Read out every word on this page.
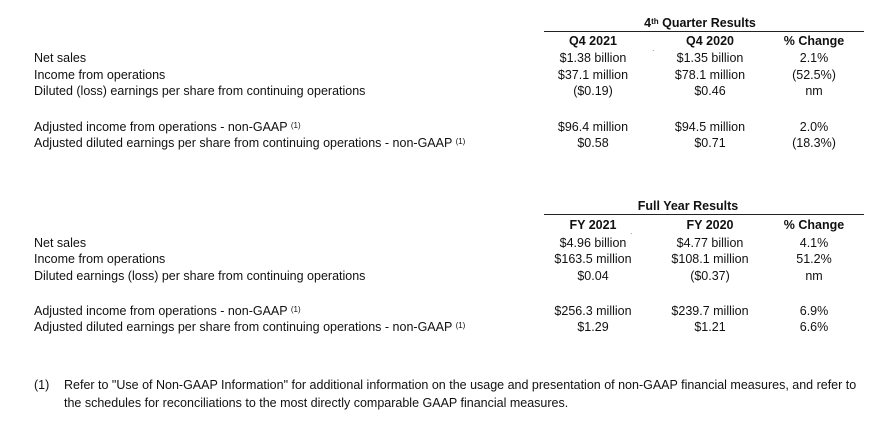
4th Quarter Results
Q4 2021	Q4 2020	% Change
.
Net sales	$1.38 billion	$1.35 billion	2.1%
Income from operations	$37.1 million	$78.1 million	(52.5%)
Diluted (loss) earnings per share from continuing operations	($0.19)	$0.46	nm
Adjusted income from operations - non-GAAP $^{(1)}$	$96.4 million	$94.5 million	2.0%
Adjusted diluted earnings per share from continuing operations - non-GAAP $^{(1)}$	$0.58	$0.71	(18.3%)
Full Year Results
FY 2021	FY 2020	% Change
.
Net sales	$4.96 billion	$4.77 billion	4.1%
Income from operations	$163.5 million	$108.1 million	51.2%
Diluted earnings (loss) per share from continuing operations	$0.04	($0.37)	nm
Adjusted income from operations - non-GAAP $^{(1)}$	$256.3 million	$239.7 million	6.9%
Adjusted diluted earnings per share from continuing operations - non-GAAP $^{(1)}$	$1.29	$1.21	6.6%
(1) Refer to "Use of Non-GAAP Information" for additional information on the usage and presentation of non-GAAP financial measures, and refer to the schedules for reconciliations to the most directly comparable GAAP financial measures.
